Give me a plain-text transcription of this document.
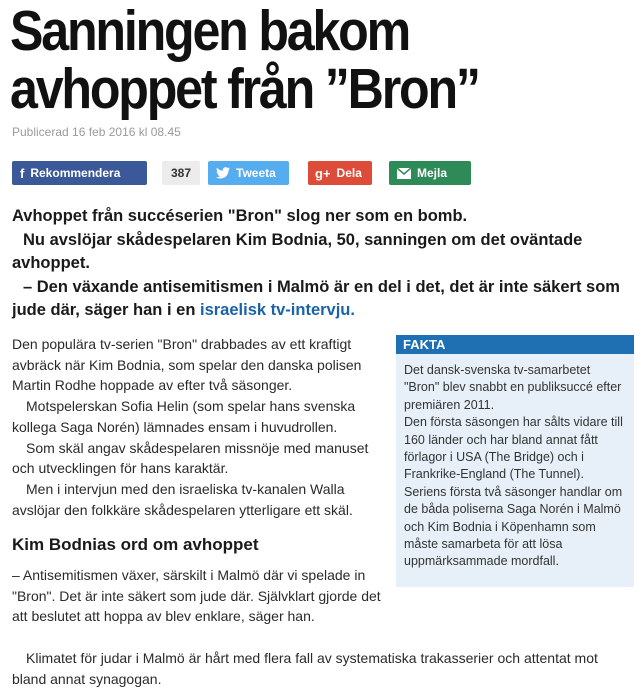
Sanningen bakom
avhoppet från ”Bron”
Publicerad 16 feb 2016 kl 08.45
f Rekommendera	387	Tweeta	g+ Dela	Mejla

Avhoppet från succéserien "Bron" slog ner som en bomb.

Nu avslöjar skådespelaren Kim Bodnia, 50, sanningen om det oväntade avhoppet.

– Den växande antisemitismen i Malmö är en del i det, det är inte säkert som jude där, säger han i en israelisk tv-intervju.

Den populära tv-serien "Bron" drabbades av ett kraftigt avbräck när Kim Bodnia, som spelar den danska polisen Martin Rodhe hoppade av efter två säsonger.

Motspelerskan Sofia Helin (som spelar hans svenska kollega Saga Norén) lämnades ensam i huvudrollen.

Som skäl angav skådespelaren missnöje med manuset och utvecklingen för hans karaktär.

Men i intervjun med den israeliska tv-kanalen Walla avslöjar den folkkäre skådespelaren ytterligare ett skäl.

Kim Bodnias ord om avhoppet

– Antisemitismen växer, särskilt i Malmö där vi spelade in "Bron". Det är inte säkert som jude där. Självklart gjorde det att beslutet att hoppa av blev enklare, säger han.

Klimatet för judar i Malmö är hårt med flera fall av systematiska trakasserier och attentat mot bland annat synagogan.
FAKTA

Det dansk-svenska tv-samarbetet "Bron" blev snabbt en publiksuccé efter premiären 2011.

Den första säsongen har sålts vidare till 160 länder och har bland annat fått förlagor i USA (The Bridge) och i Frankrike-England (The Tunnel).

Seriens första två säsonger handlar om de båda poliserna Saga Norén i Malmö och Kim Bodnia i Köpenhamn som måste samarbeta för att lösa uppmärksammade mordfall.
